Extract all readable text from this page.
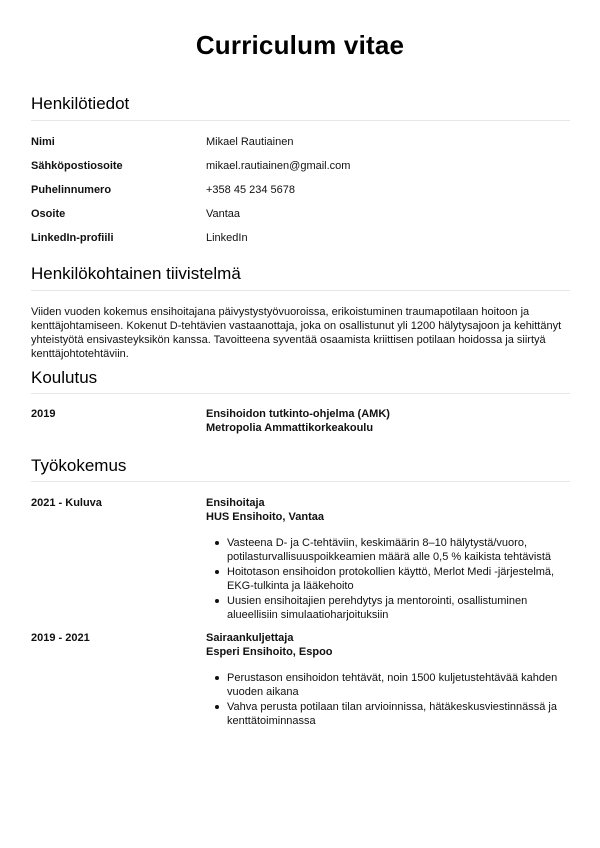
Curriculum vitae
Henkilötiedot
Nimi	Mikael Rautiainen
Sähköpostiosoite	mikael.rautiainen@gmail.com
Puhelinnumero	+358 45 234 5678
Osoite	Vantaa
LinkedIn-profiili	LinkedIn
Henkilökohtainen tiivistelmä

Viiden vuoden kokemus ensihoitajana päivystystyövuoroissa, erikoistuminen traumapotilaan hoitoon ja kenttäjohtamiseen. Kokenut D-tehtävien vastaanottaja, joka on osallistunut yli 1200 hälytysajoon ja kehittänyt yhteistyötä ensivasteyksikön kanssa. Tavoitteena syventää osaamista kriittisen potilaan hoidossa ja siirtyä kenttäjohtotehtäviin.

Koulutus
2019	Ensihoidon tutkinto-ohjelma (AMK)
Metropolia Ammattikorkeakoulu
Työkokemus
2021 - Kuluva	Ensihoitaja
HUS Ensihoito, Vantaa
Vasteena D- ja C-tehtäviin, keskimäärin 8–10 hälytystä/vuoro, potilasturvallisuuspoikkeamien määrä alle 0,5 % kaikista tehtävistä
Hoitotason ensihoidon protokollien käyttö, Merlot Medi -järjestelmä, EKG-tulkinta ja lääkehoito
Uusien ensihoitajien perehdytys ja mentorointi, osallistuminen alueellisiin simulaatioharjoituksiin
2019 - 2021	Sairaankuljettaja
Esperi Ensihoito, Espoo
Perustason ensihoidon tehtävät, noin 1500 kuljetustehtävää kahden vuoden aikana
Vahva perusta potilaan tilan arvioinnissa, hätäkeskusviestinnässä ja kenttätoiminnassa
